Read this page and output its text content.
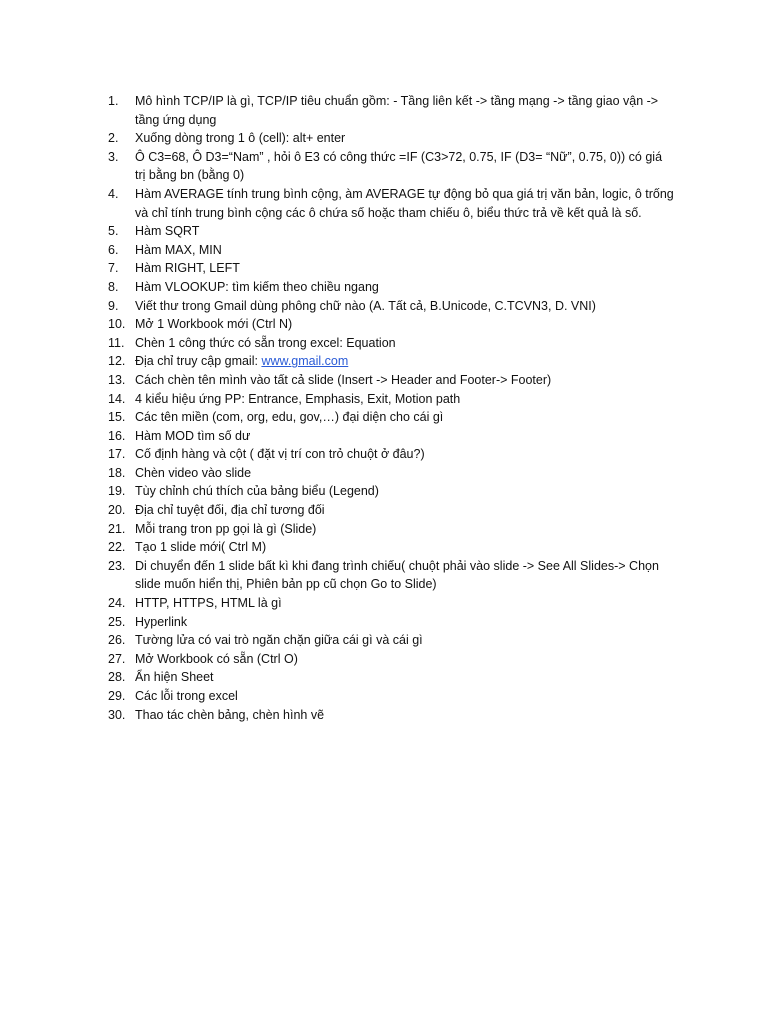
1.	Mô hình TCP/IP là gì, TCP/IP tiêu chuẩn gồm: - Tầng liên kết -> tầng mạng -> tầng giao vận -> tầng ứng dụng
2.	Xuống dòng trong 1 ô (cell): alt+ enter
3.	Ô C3=68, Ô D3=“Nam” , hỏi ô E3 có công thức =IF (C3>72, 0.75, IF (D3= “Nữ”, 0.75, 0)) có giá trị bằng bn (bằng 0)
4.	Hàm AVERAGE tính trung bình cộng, àm AVERAGE tự động bỏ qua giá trị văn bản, logic, ô trống và chỉ tính trung bình cộng các ô chứa số hoặc tham chiếu ô, biểu thức trả về kết quả là số.
5.	Hàm SQRT
6.	Hàm MAX, MIN
7.	Hàm RIGHT, LEFT
8.	Hàm VLOOKUP: tìm kiếm theo chiều ngang
9.	Viết thư trong Gmail dùng phông chữ nào (A. Tất cả, B.Unicode, C.TCVN3, D. VNI)
10. Mở 1 Workbook mới (Ctrl N)
11. Chèn 1 công thức có sẵn trong excel: Equation
12. Địa chỉ truy cập gmail: www.gmail.com
13. Cách chèn tên mình vào tất cả slide (Insert -> Header and Footer-> Footer)
14. 4 kiểu hiệu ứng PP: Entrance, Emphasis, Exit, Motion path
15. Các tên miền (com, org, edu, gov,…) đại diện cho cái gì
16. Hàm MOD tìm số dư
17. Cố định hàng và cột ( đặt vị trí con trỏ chuột ở đâu?)
18. Chèn video vào slide
19. Tùy chỉnh chú thích của bảng biểu (Legend)
20. Địa chỉ tuyệt đối, địa chỉ tương đối
21. Mỗi trang tron pp gọi là gì (Slide)
22. Tạo 1 slide mới( Ctrl M)
23. Di chuyển đến 1 slide bất kì khi đang trình chiếu( chuột phải vào slide -> See All Slides-> Chọn slide muốn hiển thị, Phiên bản pp cũ chọn Go to Slide)
24. HTTP, HTTPS, HTML là gì
25. Hyperlink
26. Tường lửa có vai trò ngăn chặn giữa cái gì và cái gì
27. Mở Workbook có sẵn (Ctrl O)
28. Ẩn hiện Sheet
29. Các lỗi trong excel
30. Thao tác chèn bảng, chèn hình vẽ
